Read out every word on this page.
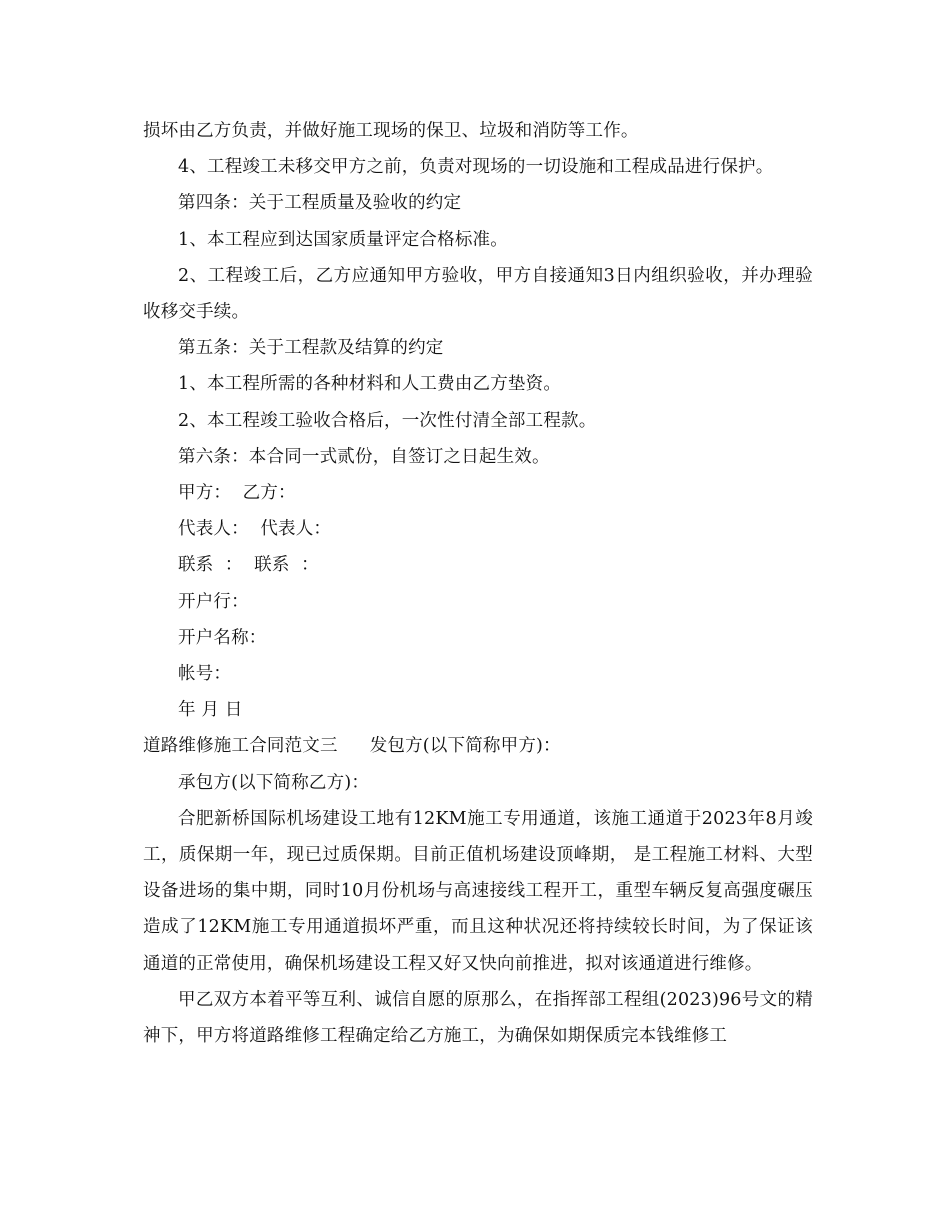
损坏由乙方负责，并做好施工现场的保卫、垃圾和消防等工作。

4、工程竣工未移交甲方之前，负责对现场的一切设施和工程成品进行保护。

第四条：关于工程质量及验收的约定

1、本工程应到达国家质量评定合格标准。

2、工程竣工后，乙方应通知甲方验收，甲方自接通知3日内组织验收，并办理验收移交手续。

第五条：关于工程款及结算的约定

1、本工程所需的各种材料和人工费由乙方垫资。

2、本工程竣工验收合格后，一次性付清全部工程款。

第六条：本合同一式贰份，自签订之日起生效。

甲方：  乙方：

代表人：  代表人：

联系  ：  联系  ：

开户行：

开户名称：

帐号：

年 月 日

道路维修施工合同范文三 发包方(以下简称甲方)：

承包方(以下简称乙方)：

合肥新桥国际机场建设工地有12KM施工专用通道，该施工通道于2023年8月竣工，质保期一年，现已过质保期。目前正值机场建设顶峰期， 是工程施工材料、大型设备进场的集中期，同时10月份机场与高速接线工程开工，重型车辆反复高强度碾压造成了12KM施工专用通道损坏严重，而且这种状况还将持续较长时间，为了保证该通道的正常使用，确保机场建设工程又好又快向前推进，拟对该通道进行维修。

甲乙双方本着平等互利、诚信自愿的原那么，在指挥部工程组(2023)96号文的精神下，甲方将道路维修工程确定给乙方施工，为确保如期保质完本钱维修工
